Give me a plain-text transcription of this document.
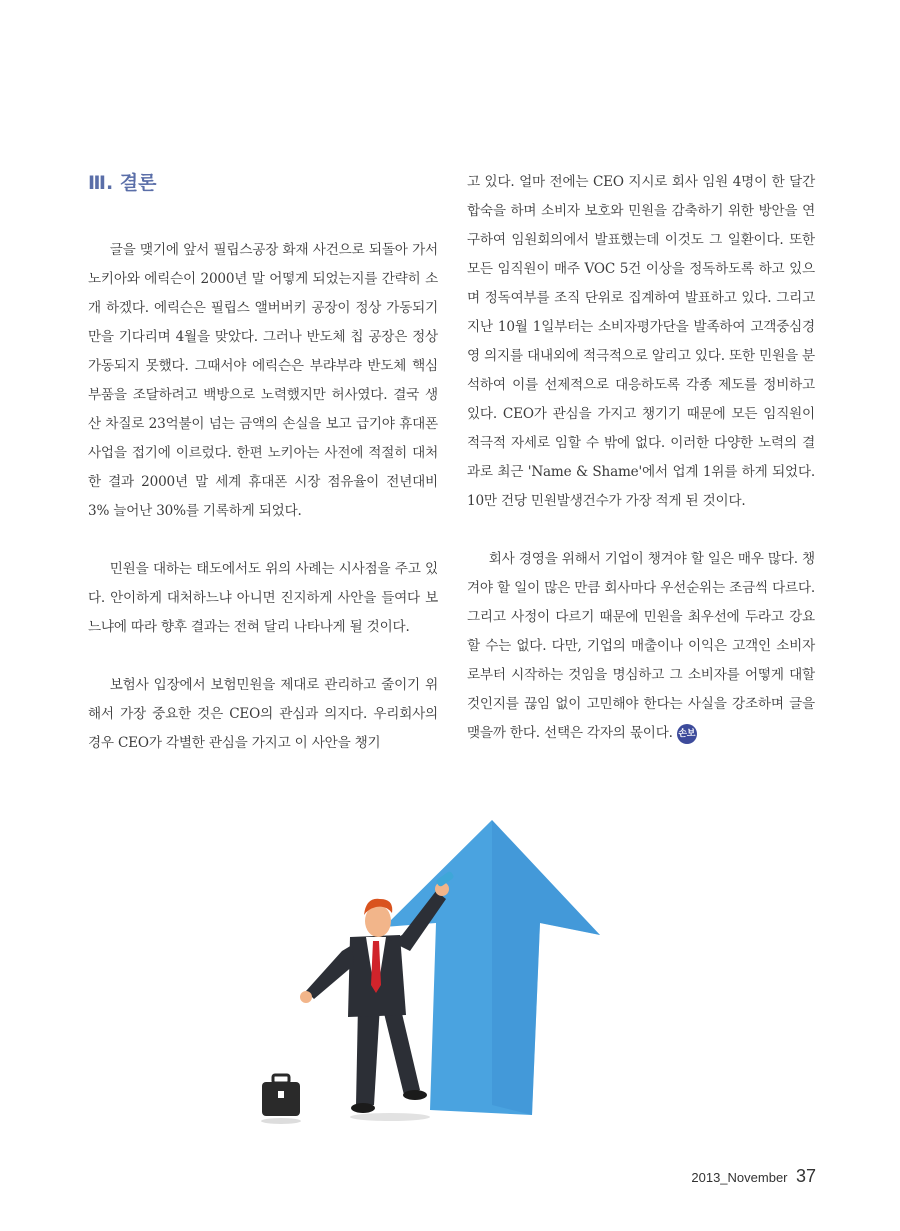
Ⅲ. 결론

글을 맺기에 앞서 필립스공장 화재 사건으로 되돌아 가서 노키아와 에릭슨이 2000년 말 어떻게 되었는지를 간략히 소개 하겠다. 에릭슨은 필립스 앨버버키 공장이 정상 가동되기만을 기다리며 4월을 맞았다. 그러나 반도체 칩 공장은 정상 가동되지 못했다. 그때서야 에릭슨은 부랴부랴 반도체 핵심부품을 조달하려고 백방으로 노력했지만 허사였다. 결국 생산 차질로 23억불이 넘는 금액의 손실을 보고 급기야 휴대폰사업을 접기에 이르렀다. 한편 노키아는 사전에 적절히 대처한 결과 2000년 말 세계 휴대폰 시장 점유율이 전년대비 3% 늘어난 30%를 기록하게 되었다.

민원을 대하는 태도에서도 위의 사례는 시사점을 주고 있다. 안이하게 대처하느냐 아니면 진지하게 사안을 들여다 보느냐에 따라 향후 결과는 전혀 달리 나타나게 될 것이다.

보험사 입장에서 보험민원을 제대로 관리하고 줄이기 위해서 가장 중요한 것은 CEO의 관심과 의지다. 우리회사의 경우 CEO가 각별한 관심을 가지고 이 사안을 챙기

고 있다. 얼마 전에는 CEO 지시로 회사 임원 4명이 한 달간 합숙을 하며 소비자 보호와 민원을 감축하기 위한 방안을 연구하여 임원회의에서 발표했는데 이것도 그 일환이다. 또한 모든 임직원이 매주 VOC 5건 이상을 정독하도록 하고 있으며 정독여부를 조직 단위로 집계하여 발표하고 있다. 그리고 지난 10월 1일부터는 소비자평가단을 발족하여 고객중심경영 의지를 대내외에 적극적으로 알리고 있다. 또한 민원을 분석하여 이를 선제적으로 대응하도록 각종 제도를 정비하고 있다. CEO가 관심을 가지고 챙기기 때문에 모든 임직원이 적극적 자세로 임할 수 밖에 없다. 이러한 다양한 노력의 결과로 최근 'Name & Shame'에서 업계 1위를 하게 되었다. 10만 건당 민원발생건수가 가장 적게 된 것이다.

회사 경영을 위해서 기업이 챙겨야 할 일은 매우 많다. 챙겨야 할 일이 많은 만큼 회사마다 우선순위는 조금씩 다르다. 그리고 사정이 다르기 때문에 민원을 최우선에 두라고 강요할 수는 없다. 다만, 기업의 매출이나 이익은 고객인 소비자로부터 시작하는 것임을 명심하고 그 소비자를 어떻게 대할 것인지를 끊임 없이 고민해야 한다는 사실을 강조하며 글을 맺을까 한다. 선택은 각자의 몫이다. 손보

2013_November 37
